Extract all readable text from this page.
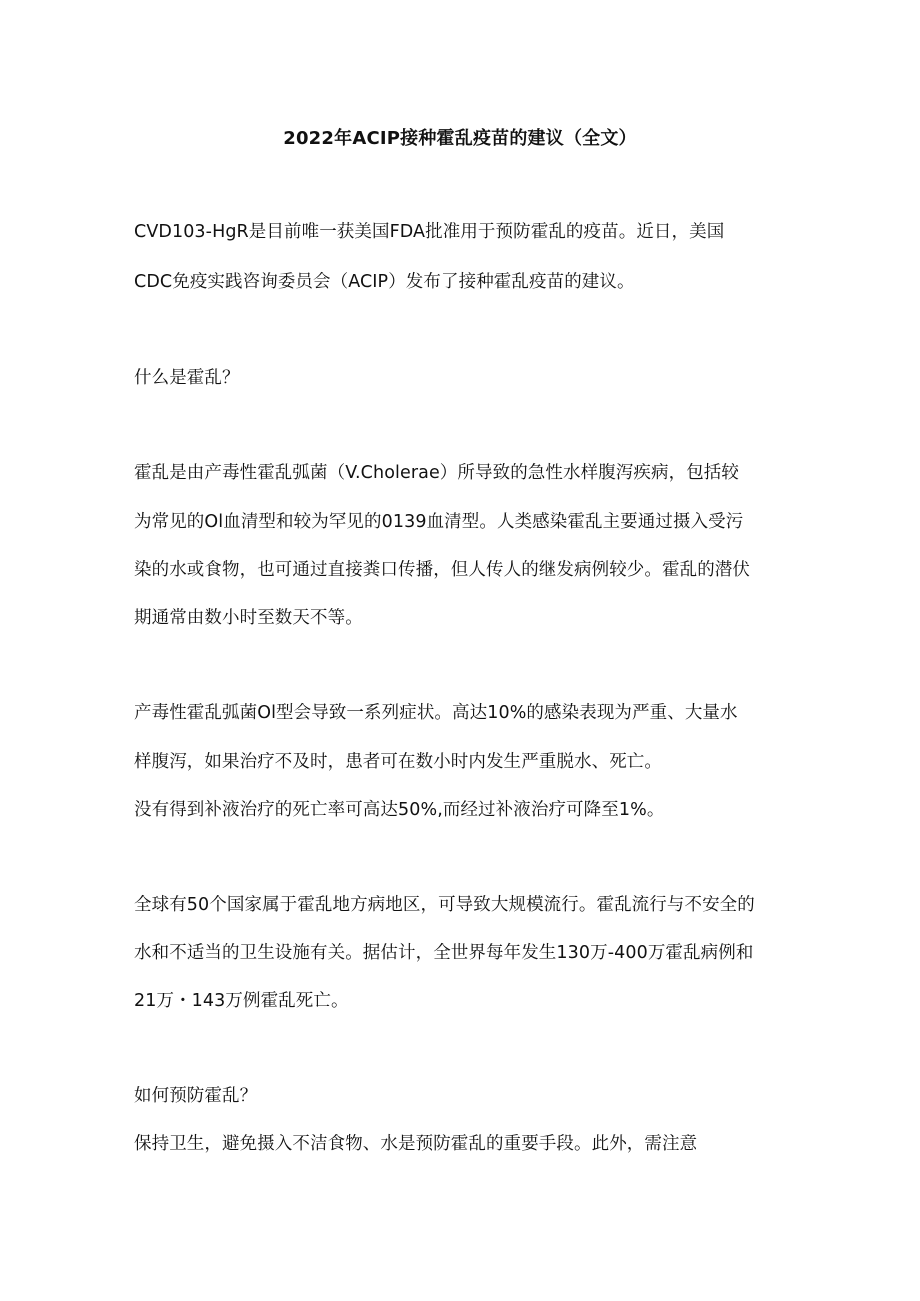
2022年ACIP接种霍乱疫苗的建议（全文）
CVD103-HgR是目前唯一获美国FDA批准用于预防霍乱的疫苗。近日，美国
CDC免疫实践咨询委员会（ACIP）发布了接种霍乱疫苗的建议。
什么是霍乱？
霍乱是由产毒性霍乱弧菌（V.Cholerae）所导致的急性水样腹泻疾病，包括较
为常见的Ol血清型和较为罕见的0139血清型。人类感染霍乱主要通过摄入受污
染的水或食物，也可通过直接粪口传播，但人传人的继发病例较少。霍乱的潜伏
期通常由数小时至数天不等。
产毒性霍乱弧菌Ol型会导致一系列症状。高达10%的感染表现为严重、大量水
样腹泻，如果治疗不及时，患者可在数小时内发生严重脱水、死亡。
没有得到补液治疗的死亡率可高达50%,而经过补液治疗可降至1%。
全球有50个国家属于霍乱地方病地区，可导致大规模流行。霍乱流行与不安全的
水和不适当的卫生设施有关。据估计，全世界每年发生130万-400万霍乱病例和
21万・143万例霍乱死亡。
如何预防霍乱？
保持卫生，避免摄入不洁食物、水是预防霍乱的重要手段。此外，需注意
